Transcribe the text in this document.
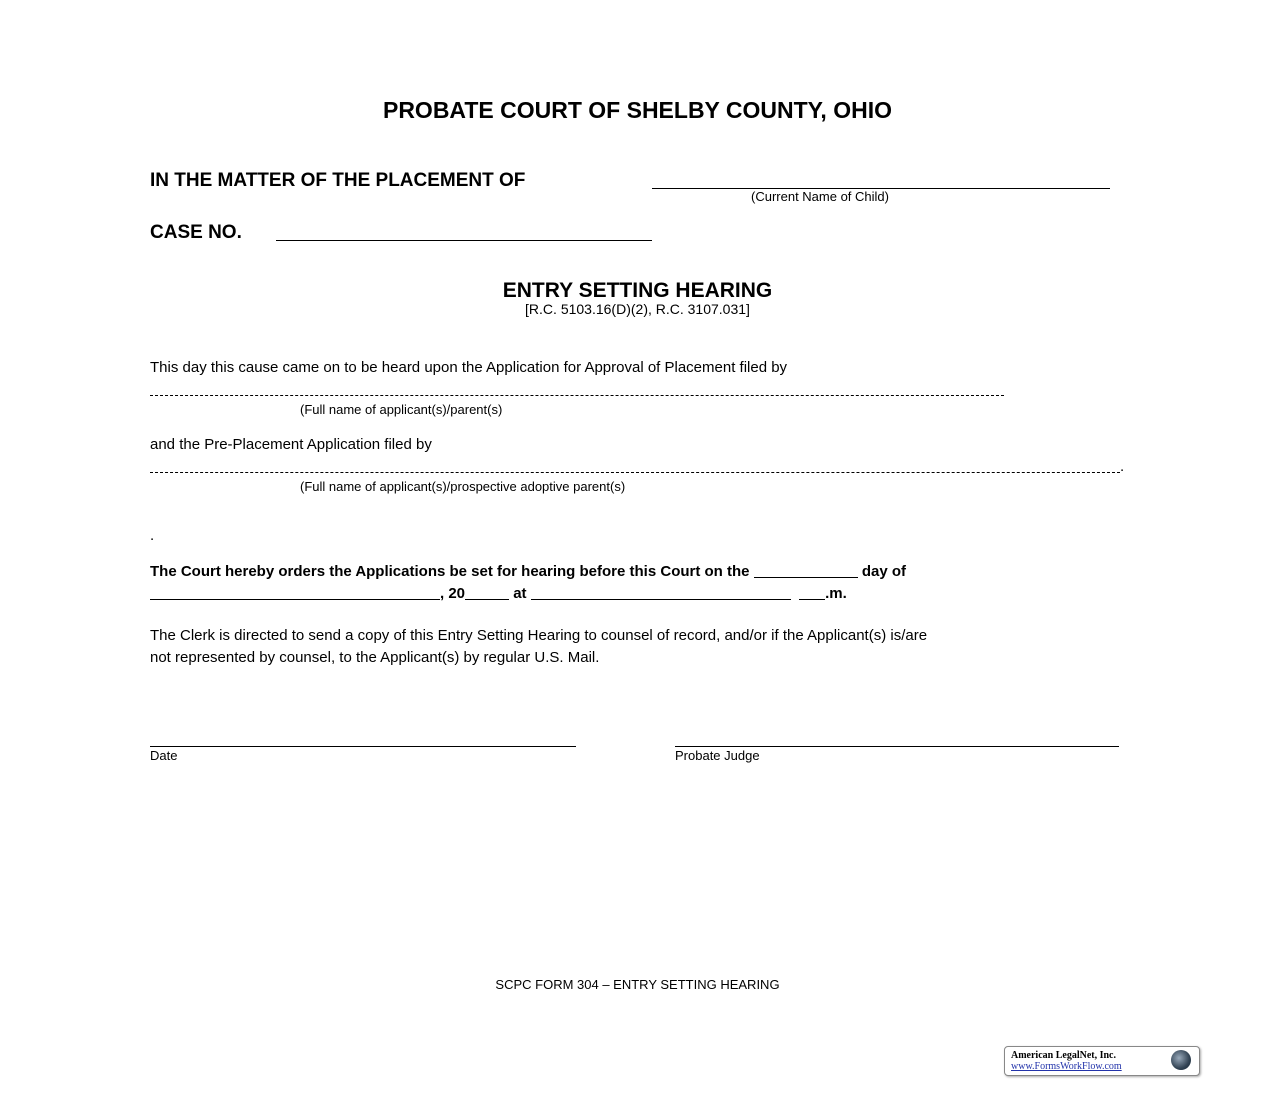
PROBATE COURT OF SHELBY COUNTY, OHIO
IN THE MATTER OF THE PLACEMENT OF
(Current Name of Child)
CASE NO.
ENTRY SETTING HEARING
[R.C. 5103.16(D)(2), R.C. 3107.031]
This day this cause came on to be heard upon the Application for Approval of Placement filed by
(Full name of applicant(s)/parent(s)
and the Pre-Placement Application filed by
.
(Full name of applicant(s)/prospective adoptive parent(s)
.
The Court hereby orders the Applications be set for hearing before this Court on the	day of
, 20	at	.m.
The Clerk is directed to send a copy of this Entry Setting Hearing to counsel of record, and/or if the Applicant(s) is/are
not represented by counsel, to the Applicant(s) by regular U.S. Mail.
Date	Probate Judge
SCPC FORM 304 – ENTRY SETTING HEARING
American LegalNet, Inc.
www.FormsWorkFlow.com
